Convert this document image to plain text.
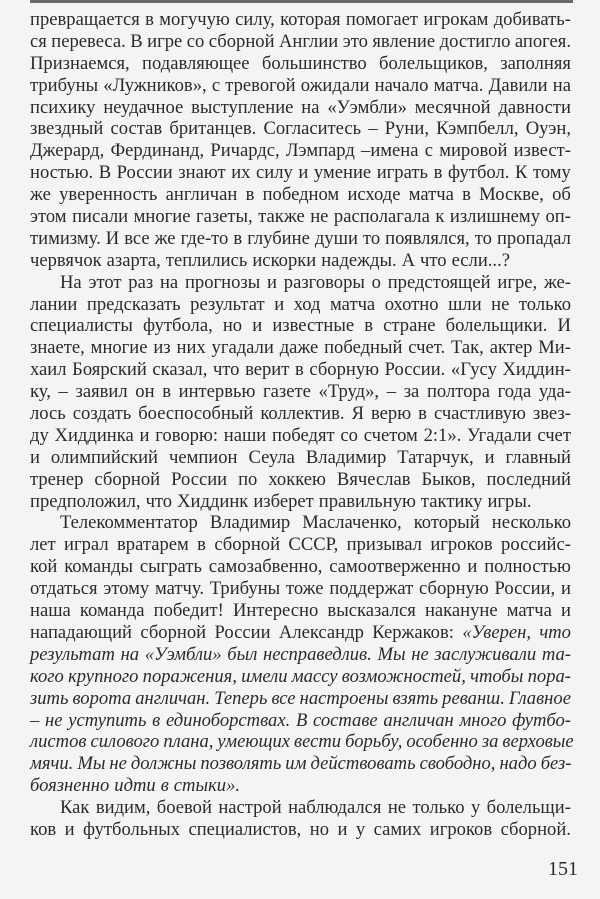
превращается в могучую силу, которая помогает игрокам добивать-
ся перевеса. В игре со сборной Англии это явление достигло апогея.
Признаемся, подавляющее большинство болельщиков, заполняя
трибуны «Лужников», с тревогой ожидали начало матча. Давили на
психику неудачное выступление на «Уэмбли» месячной давности
звездный состав британцев. Согласитесь – Руни, Кэмпбелл, Оуэн,
Джерард, Фердинанд, Ричардс, Лэмпард –имена с мировой извест-
ностью. В России знают их силу и умение играть в футбол. К тому
же уверенность англичан в победном исходе матча в Москве, об
этом писали многие газеты, также не располагала к излишнему оп-
тимизму. И все же где-то в глубине души то появлялся, то пропадал
червячок азарта, теплились искорки надежды. А что если...?
На этот раз на прогнозы и разговоры о предстоящей игре, же-
лании предсказать результат и ход матча охотно шли не только
специалисты футбола, но и известные в стране болельщики. И
знаете, многие из них угадали даже победный счет. Так, актер Ми-
хаил Боярский сказал, что верит в сборную России. «Гусу Хиддин-
ку, – заявил он в интервью газете «Труд», – за полтора года уда-
лось создать боеспособный коллектив. Я верю в счастливую звез-
ду Хиддинка и говорю: наши победят со счетом 2:1». Угадали счет
и олимпийский чемпион Сеула Владимир Татарчук, и главный
тренер сборной России по хоккею Вячеслав Быков, последний
предположил, что Хиддинк изберет правильную тактику игры.
Телекомментатор Владимир Маслаченко, который несколько
лет играл вратарем в сборной СССР, призывал игроков российс-
кой команды сыграть самозабвенно, самоотверженно и полностью
отдаться этому матчу. Трибуны тоже поддержат сборную России, и
наша команда победит! Интересно высказался накануне матча и
нападающий сборной России Александр Кержаков: «Уверен, что
результат на «Уэмбли» был несправедлив. Мы не заслуживали та-
кого крупного поражения, имели массу возможностей, чтобы пора-
зить ворота англичан. Теперь все настроены взять реванш. Главное
– не уступить в единоборствах. В составе англичан много футбо-
листов силового плана, умеющих вести борьбу, особенно за верховые
мячи. Мы не должны позволять им действовать свободно, надо без-
боязненно идти в стыки».
Как видим, боевой настрой наблюдался не только у болельщи-
ков и футбольных специалистов, но и у самих игроков сборной.
151
